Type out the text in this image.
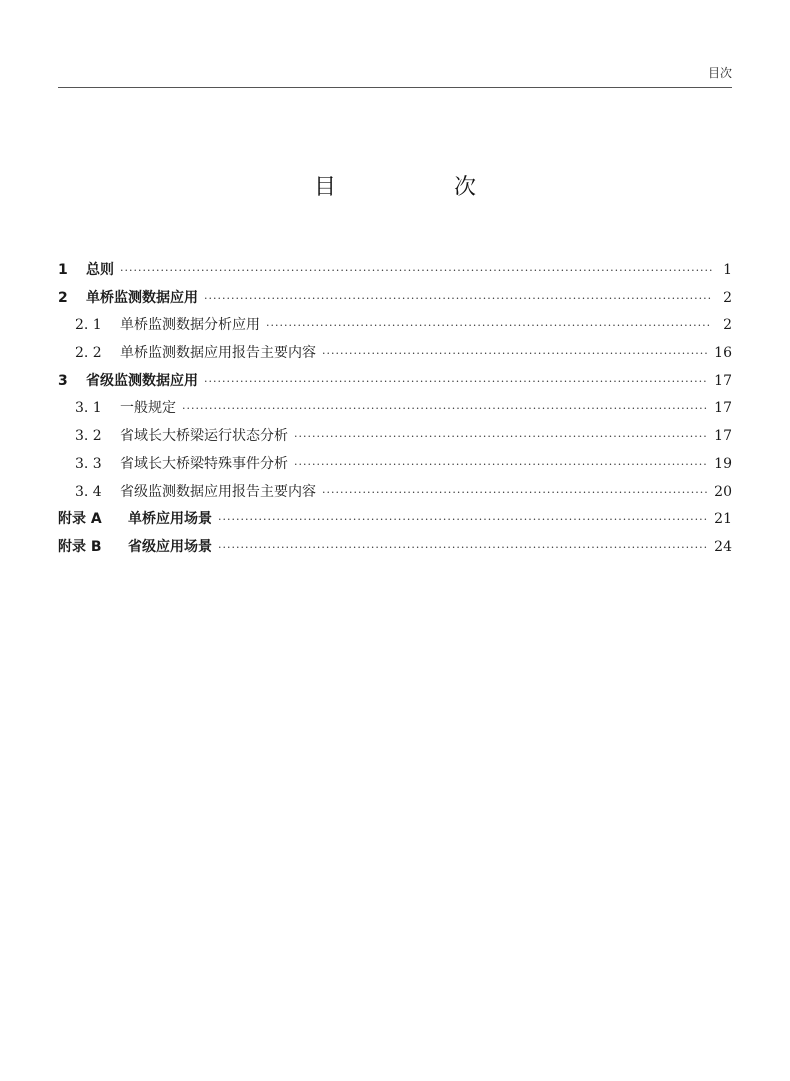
目次
目　次
1	总则 ·····	1
2	单桥监测数据应用 ·····	2
2. 1	单桥监测数据分析应用 ·····	2
2. 2	单桥监测数据应用报告主要内容 ·····	16
3	省级监测数据应用 ·····	17
3. 1	一般规定 ·····	17
3. 2	省域长大桥梁运行状态分析 ·····	17
3. 3	省域长大桥梁特殊事件分析 ·····	19
3. 4	省级监测数据应用报告主要内容 ·····	20
附录 A	单桥应用场景 ·····	21
附录 B	省级应用场景 ·····	24
